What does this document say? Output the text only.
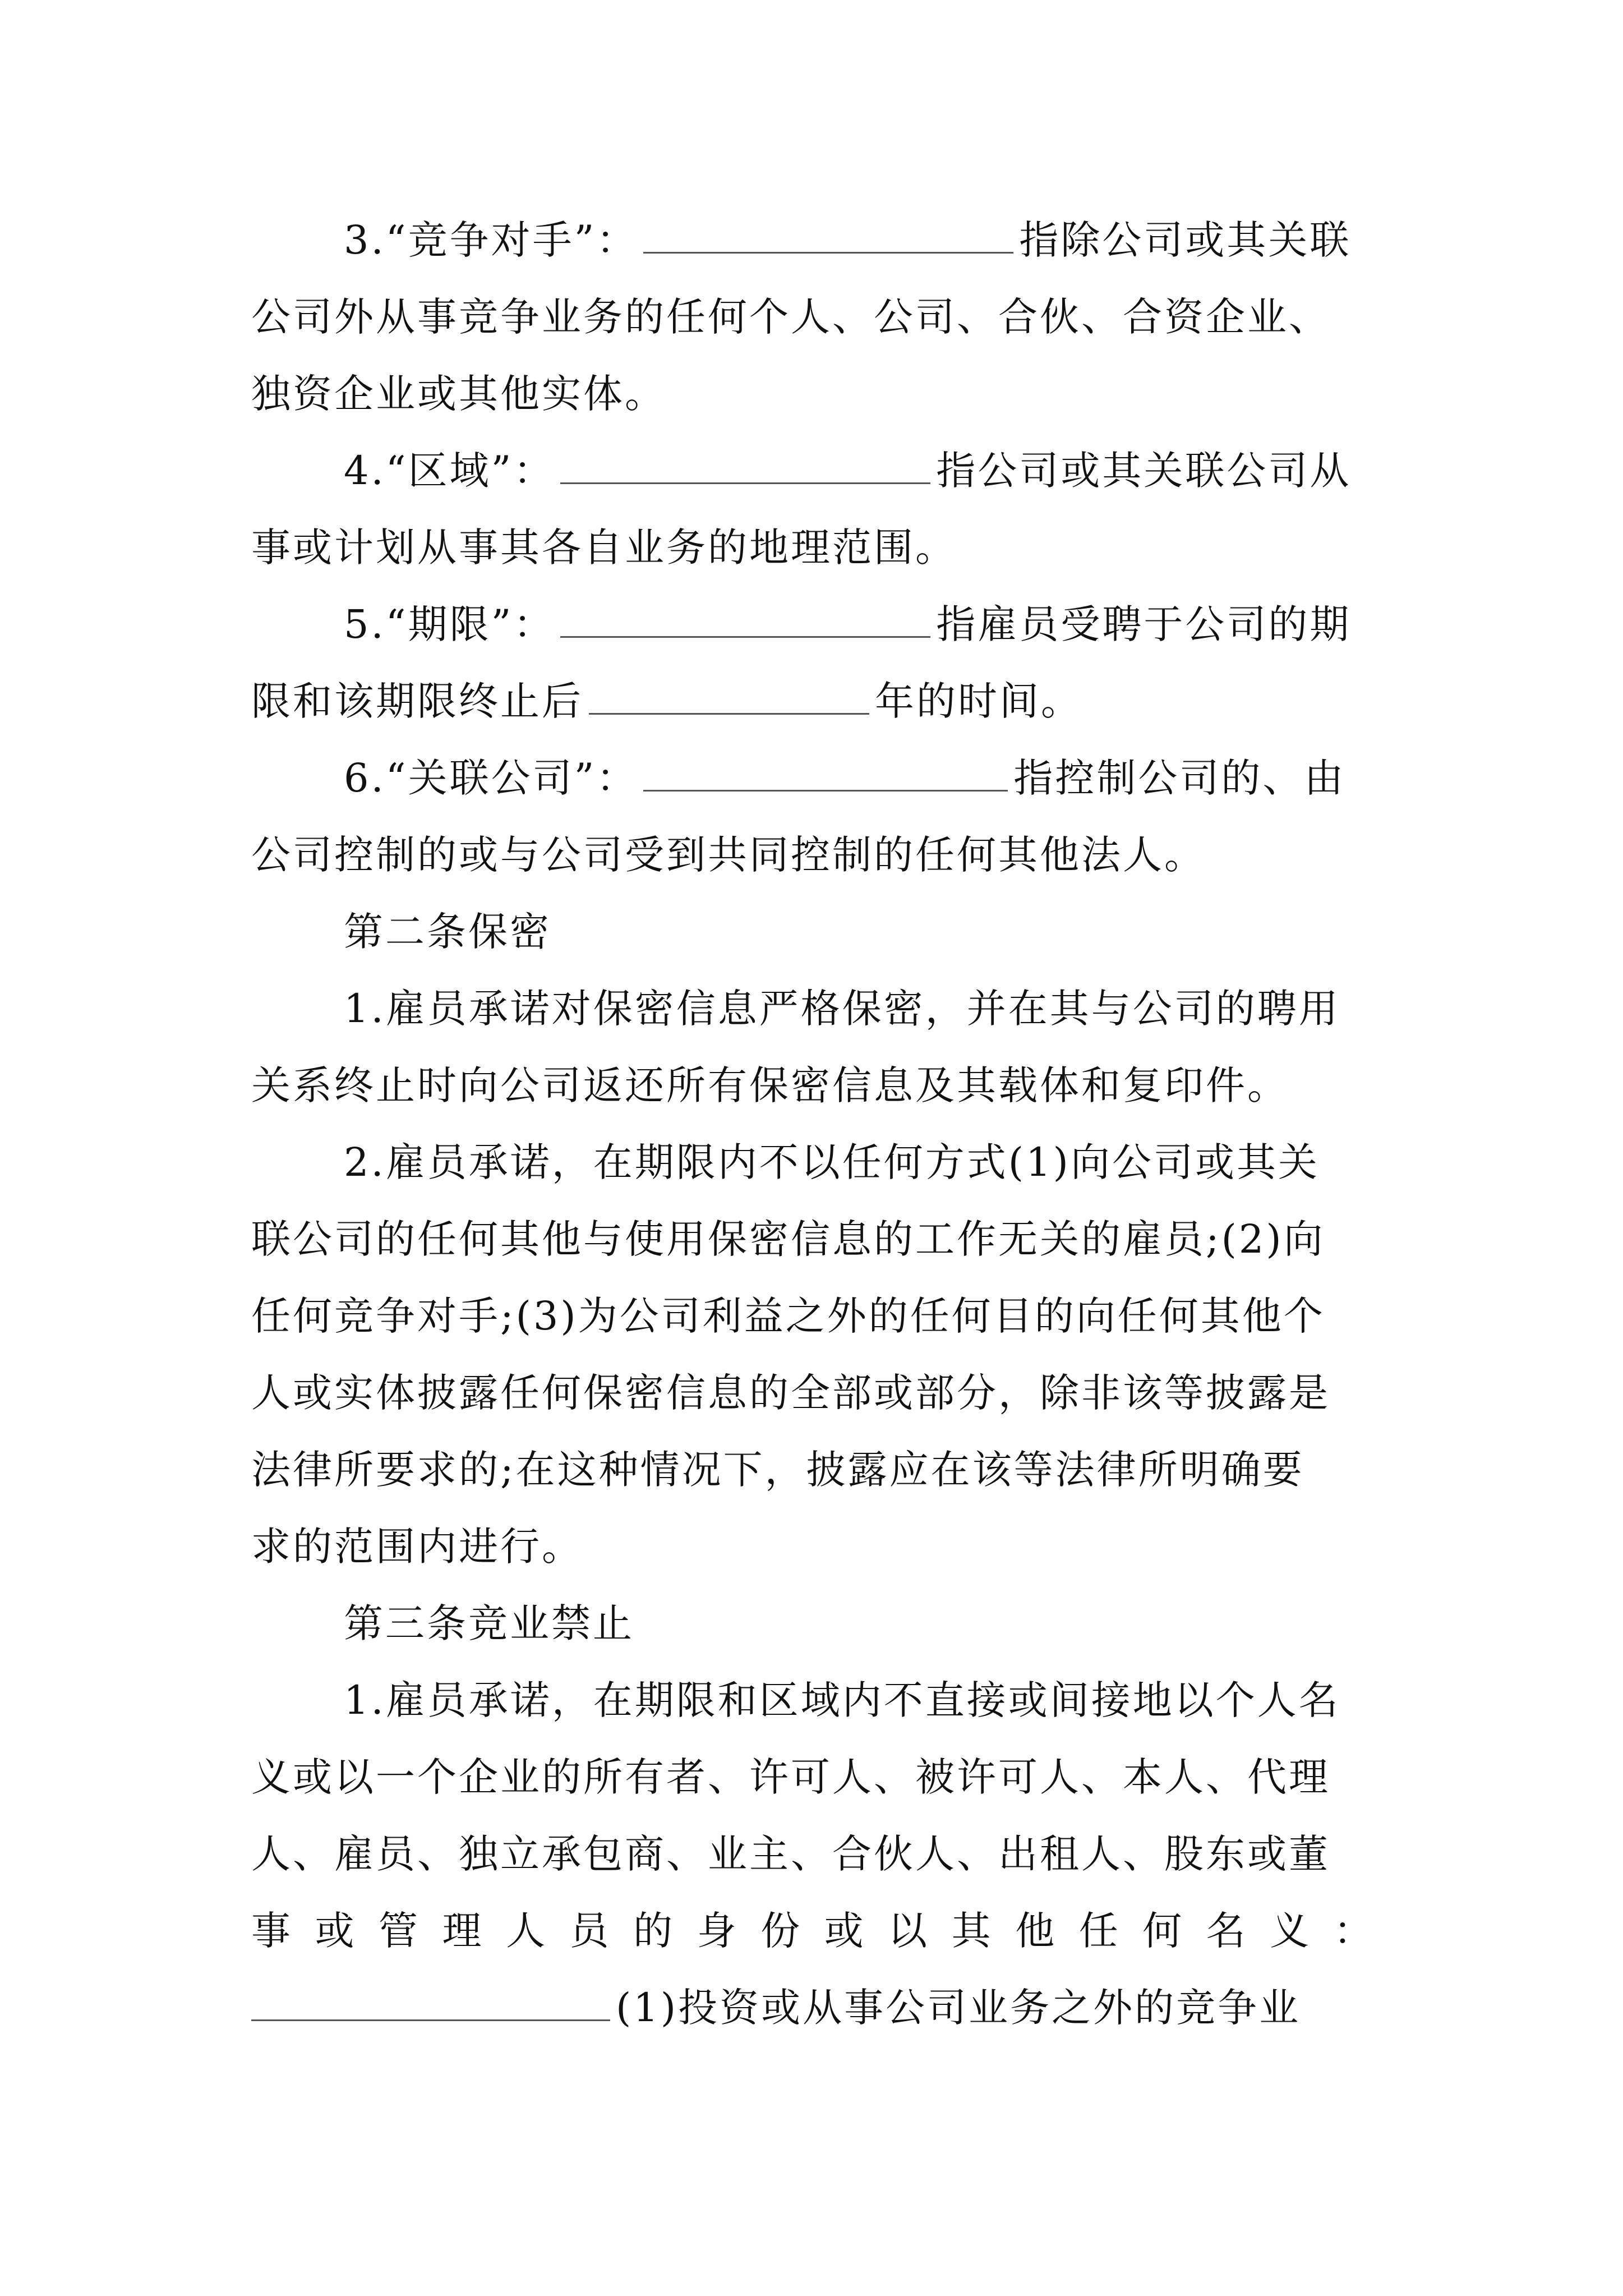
3.“竞争对手”：	指除公司或其关联
公司外从事竞争业务的任何个人、公司、合伙、合资企业、
独资企业或其他实体。
4.“区域”：	指公司或其关联公司从
事或计划从事其各自业务的地理范围。
5.“期限”：	指雇员受聘于公司的期
限和该期限终止后	年的时间。
6.“关联公司”：	指控制公司的、由
公司控制的或与公司受到共同控制的任何其他法人。
第二条保密
1.雇员承诺对保密信息严格保密，并在其与公司的聘用
关系终止时向公司返还所有保密信息及其载体和复印件。
2.雇员承诺，在期限内不以任何方式(1)向公司或其关
联公司的任何其他与使用保密信息的工作无关的雇员;(2)向
任何竞争对手;(3)为公司利益之外的任何目的向任何其他个
人或实体披露任何保密信息的全部或部分，除非该等披露是
法律所要求的;在这种情况下，披露应在该等法律所明确要
求的范围内进行。
第三条竞业禁止
1.雇员承诺，在期限和区域内不直接或间接地以个人名
义或以一个企业的所有者、许可人、被许可人、本人、代理
人、雇员、独立承包商、业主、合伙人、出租人、股东或董
事 或 管 理 人 员 的 身 份 或 以 其 他 任 何 名 义 ：
(1)投资或从事公司业务之外的竞争业
